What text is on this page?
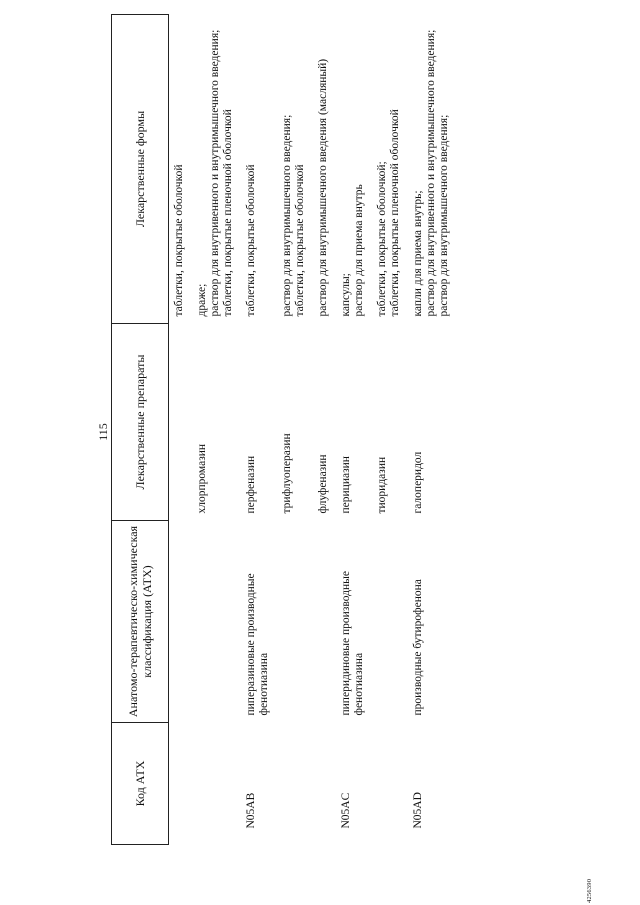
115
4256390
Код АТХ	Анатомо-терапевтическо-химическая классификация (АТХ)	Лекарственные препараты	Лекарственные формы

			таблетки, покрытые оболочкой

		хлорпромазин	драже;
раствор для внутривенного и внутримышечного введения;
таблетки, покрытые пленочной оболочкой

N05AB	пиперазиновые производные фенотиазина	перфеназин	таблетки, покрытые оболочкой

		трифлуоперазин	раствор для внутримышечного введения;
таблетки, покрытые оболочкой

		флуфеназин	раствор для внутримышечного введения (масляный)

N05AC	пиперидиновые производные фенотиазина	перициазин	капсулы;
раствор для приема внутрь

		тиоридазин	таблетки, покрытые оболочкой;
таблетки, покрытые пленочной оболочкой

N05AD	производные бутирофенона	галоперидол	капли для приема внутрь;
раствор для внутривенного и внутримышечного введения;
раствор для внутримышечного введения;
